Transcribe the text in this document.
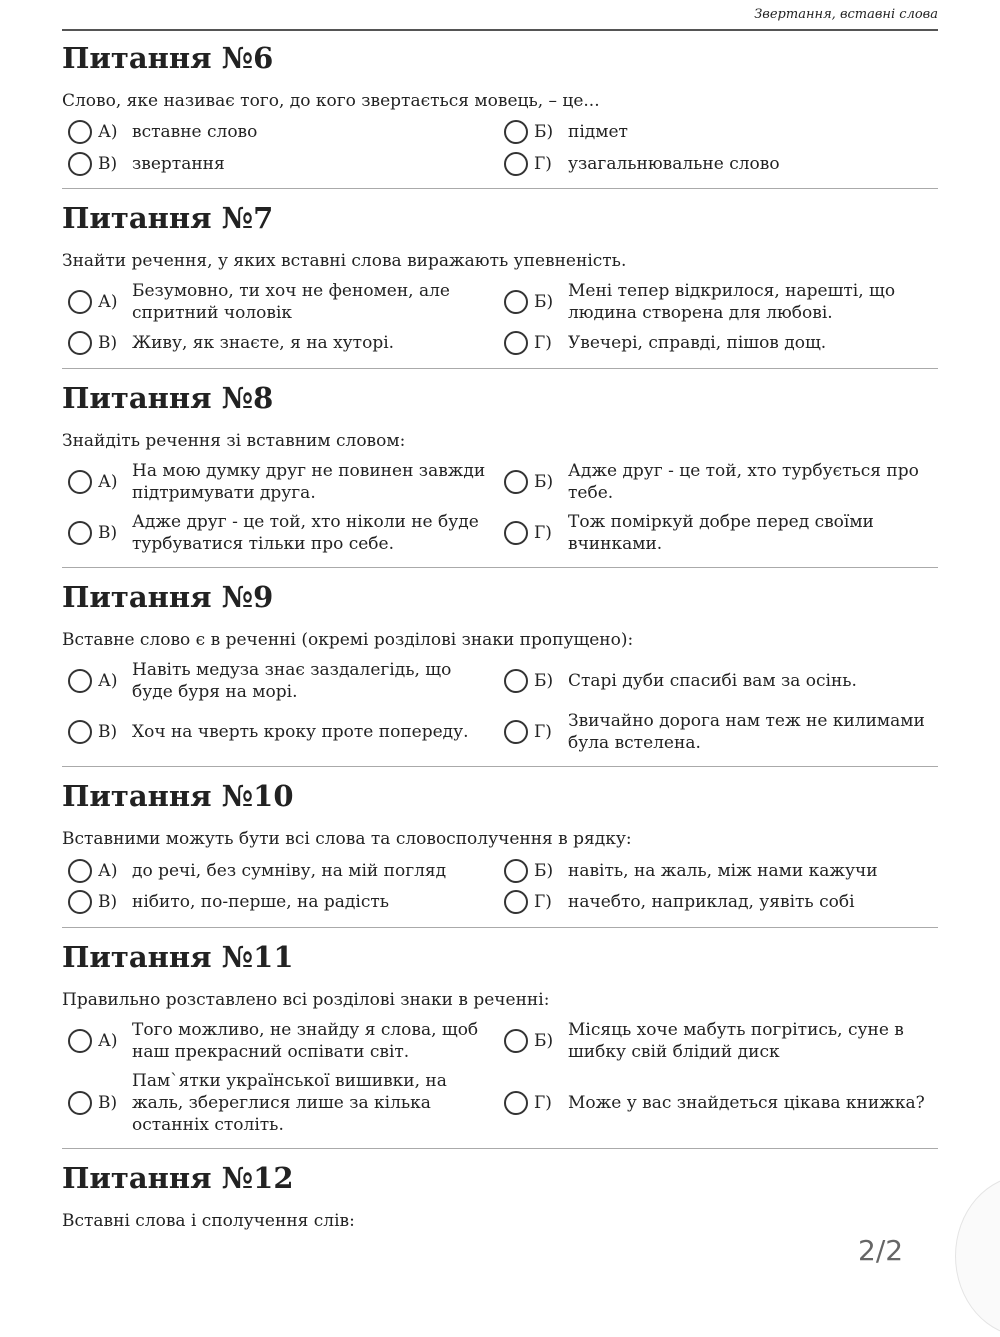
Звертання, вставні слова
Питання №6
Слово, яке називає того, до кого звертається мовець, – це...
А) вставне слово	Б) підмет
В) звертання	Г) узагальнювальне слово
Питання №7
Знайти речення, у яких вставні слова виражають упевненість.
А)
Безумовно, ти хоч не феномен, але спритний чоловік
Б)
Мені тепер відкрилося, нарешті, що людина створена для любові.
В) Живу, як знаєте, я на хуторі.	Г) Увечері, справді, пішов дощ.
Питання №8
Знайдіть речення зі вставним словом:
А)
На мою думку друг не повинен завжди підтримувати друга.
Б)
Адже друг - це той, хто турбується про тебе.
В)
Адже друг - це той, хто ніколи не буде турбуватися тільки про себе.
Г)
Тож поміркуй добре перед своїми вчинками.
Питання №9
Вставне слово є в реченні (окремі розділові знаки пропущено):
А)
Навіть медуза знає заздалегідь, що буде буря на морі.
Б) Старі дуби спасибі вам за осінь.
В) Хоч на чверть кроку проте попереду.	Г)
Звичайно дорога нам теж не килимами була встелена.
Питання №10
Вставними можуть бути всі слова та словосполучення в рядку:
А) до речі, без сумніву, на мій погляд	Б) навіть, на жаль, між нами кажучи
В) нібито, по-перше, на радість	Г) начебто, наприклад, уявіть собі
Питання №11
Правильно розставлено всі розділові знаки в реченні:
А)
Того можливо, не знайду я слова, щоб наш прекрасний оспівати світ.
Б)
Місяць хоче мабуть погрітись, суне в шибку свій блідий диск
В)
Пам`ятки української вишивки, на жаль, збереглися лише за кілька останніх століть.
Г) Може у вас знайдеться цікава книжка?
Питання №12
Вставні слова і сполучення слів:
2/2
